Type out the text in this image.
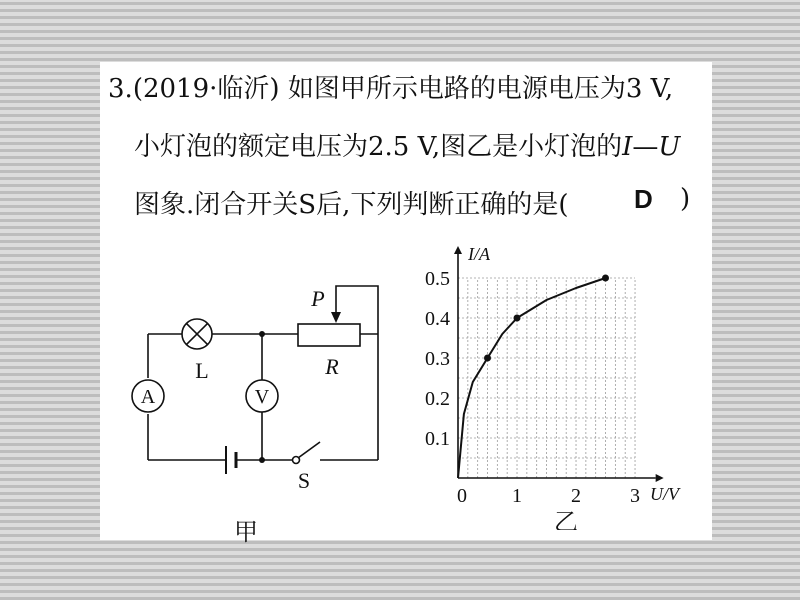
3.(2019·临沂) 如图甲所示电路的电源电压为3 V,
小灯泡的额定电压为2.5 V,图乙是小灯泡的I—U
图象.闭合开关S后,下列判断正确的是(	D )
A	V
L
P
R
S
甲
0.1
0.2
0.3
0.4
0.5
1 2 3
I/A
U/V
0
乙
